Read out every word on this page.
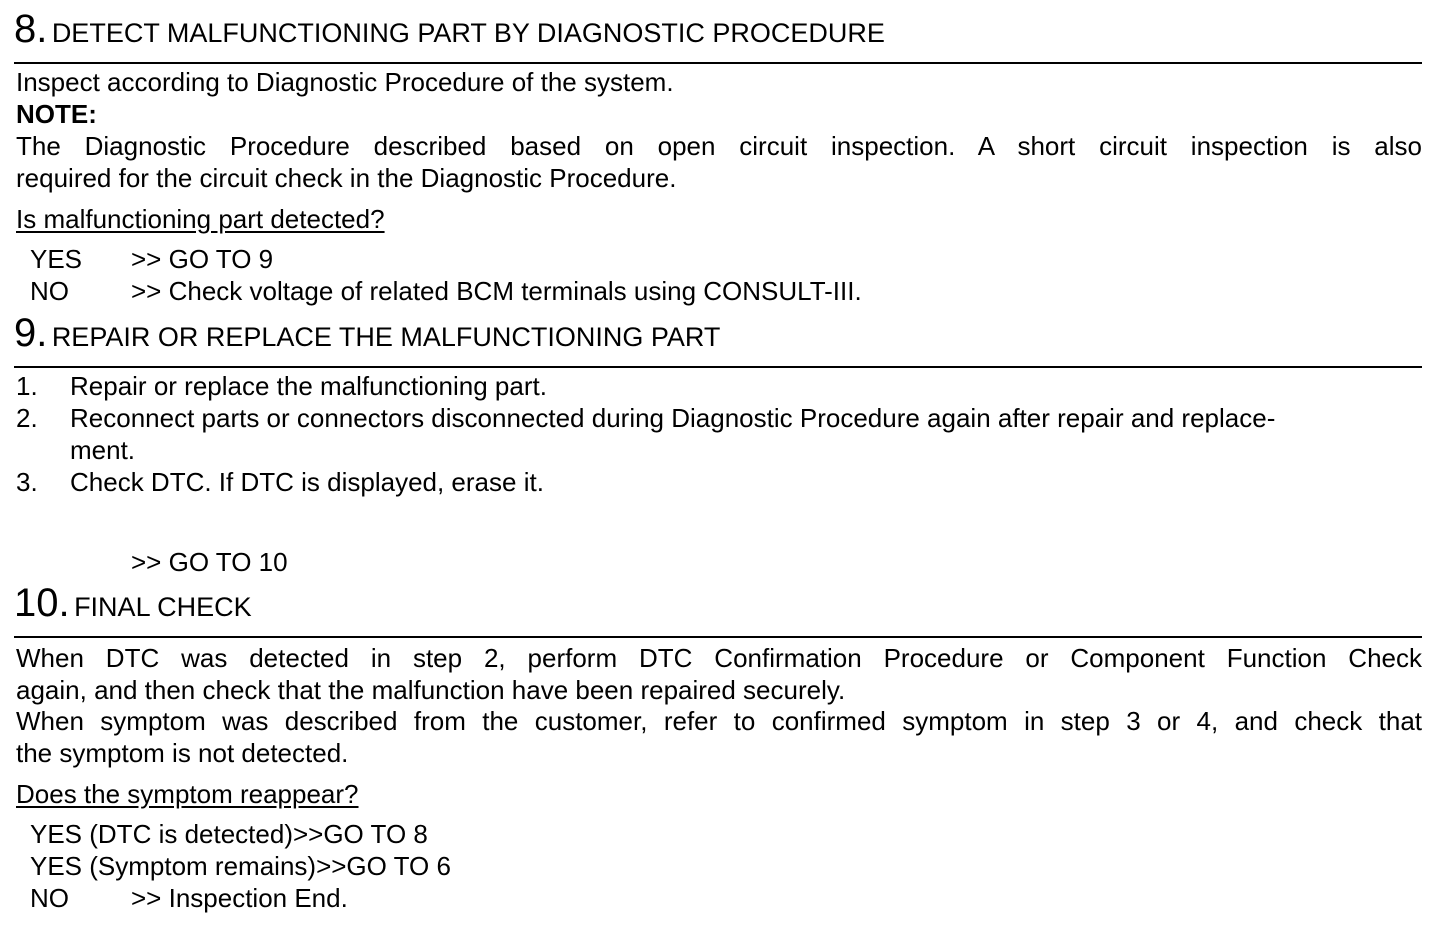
8. DETECT MALFUNCTIONING PART BY DIAGNOSTIC PROCEDURE
Inspect according to Diagnostic Procedure of the system.
NOTE:
The Diagnostic Procedure described based on open circuit inspection. A short circuit inspection is also
required for the circuit check in the Diagnostic Procedure.
Is malfunctioning part detected?
YES >> GO TO 9
NO >> Check voltage of related BCM terminals using CONSULT-III.
9. REPAIR OR REPLACE THE MALFUNCTIONING PART
1. Repair or replace the malfunctioning part.
2. Reconnect parts or connectors disconnected during Diagnostic Procedure again after repair and replace-
ment.
3. Check DTC. If DTC is displayed, erase it.
>> GO TO 10
10. FINAL CHECK
When DTC was detected in step 2, perform DTC Confirmation Procedure or Component Function Check
again, and then check that the malfunction have been repaired securely.
When symptom was described from the customer, refer to confirmed symptom in step 3 or 4, and check that
the symptom is not detected.
Does the symptom reappear?
YES (DTC is detected)>>GO TO 8
YES (Symptom remains)>>GO TO 6
NO >> Inspection End.
